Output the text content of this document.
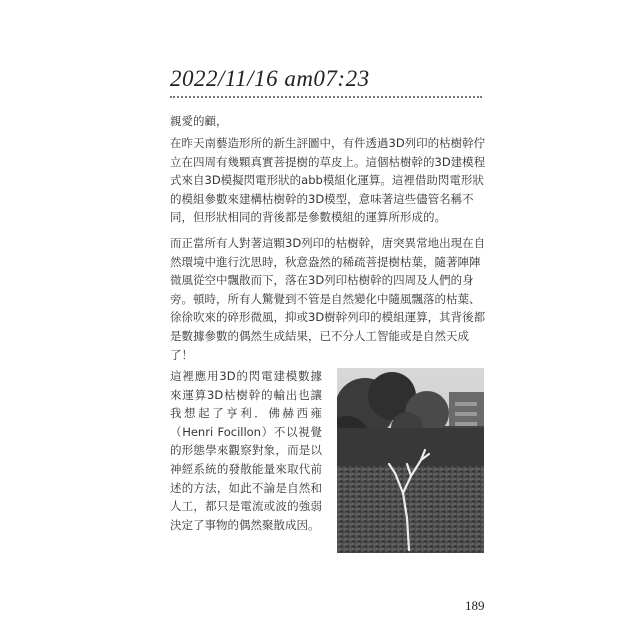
2022/11/16 am07:23

親愛的顧，

在昨天南藝造形所的新生評圖中，有件透過3D列印的枯樹幹佇立在四周有幾顆真實菩提樹的草皮上。這個枯樹幹的3D建模程式來自3D模擬閃電形狀的abb模組化運算。這裡借助閃電形狀的模組參數來建構枯樹幹的3D模型，意味著這些儘管名稱不同，但形狀相同的背後都是參數模組的運算所形成的。

而正當所有人對著這顆3D列印的枯樹幹，唐突異常地出現在自然環境中進行沈思時，秋意盎然的稀疏菩提樹枯葉，隨著陣陣微風從空中飄散而下，落在3D列印枯樹幹的四周及人們的身旁。頓時，所有人驚覺到不管是自然變化中隨風飄落的枯葉、徐徐吹來的碎形微風，抑或3D樹幹列印的模組運算，其背後都是數據參數的偶然生成結果，已不分人工智能或是自然天成了！

這裡應用3D的閃電建模數據來運算3D枯樹幹的輸出也讓我想起了亨利．佛赫西雍（Henri Focillon）不以視覺的形態學來觀察對象，而是以神經系統的發散能量來取代前述的方法，如此不論是自然和人工，都只是電流或波的強弱決定了事物的偶然聚散成因。

189
